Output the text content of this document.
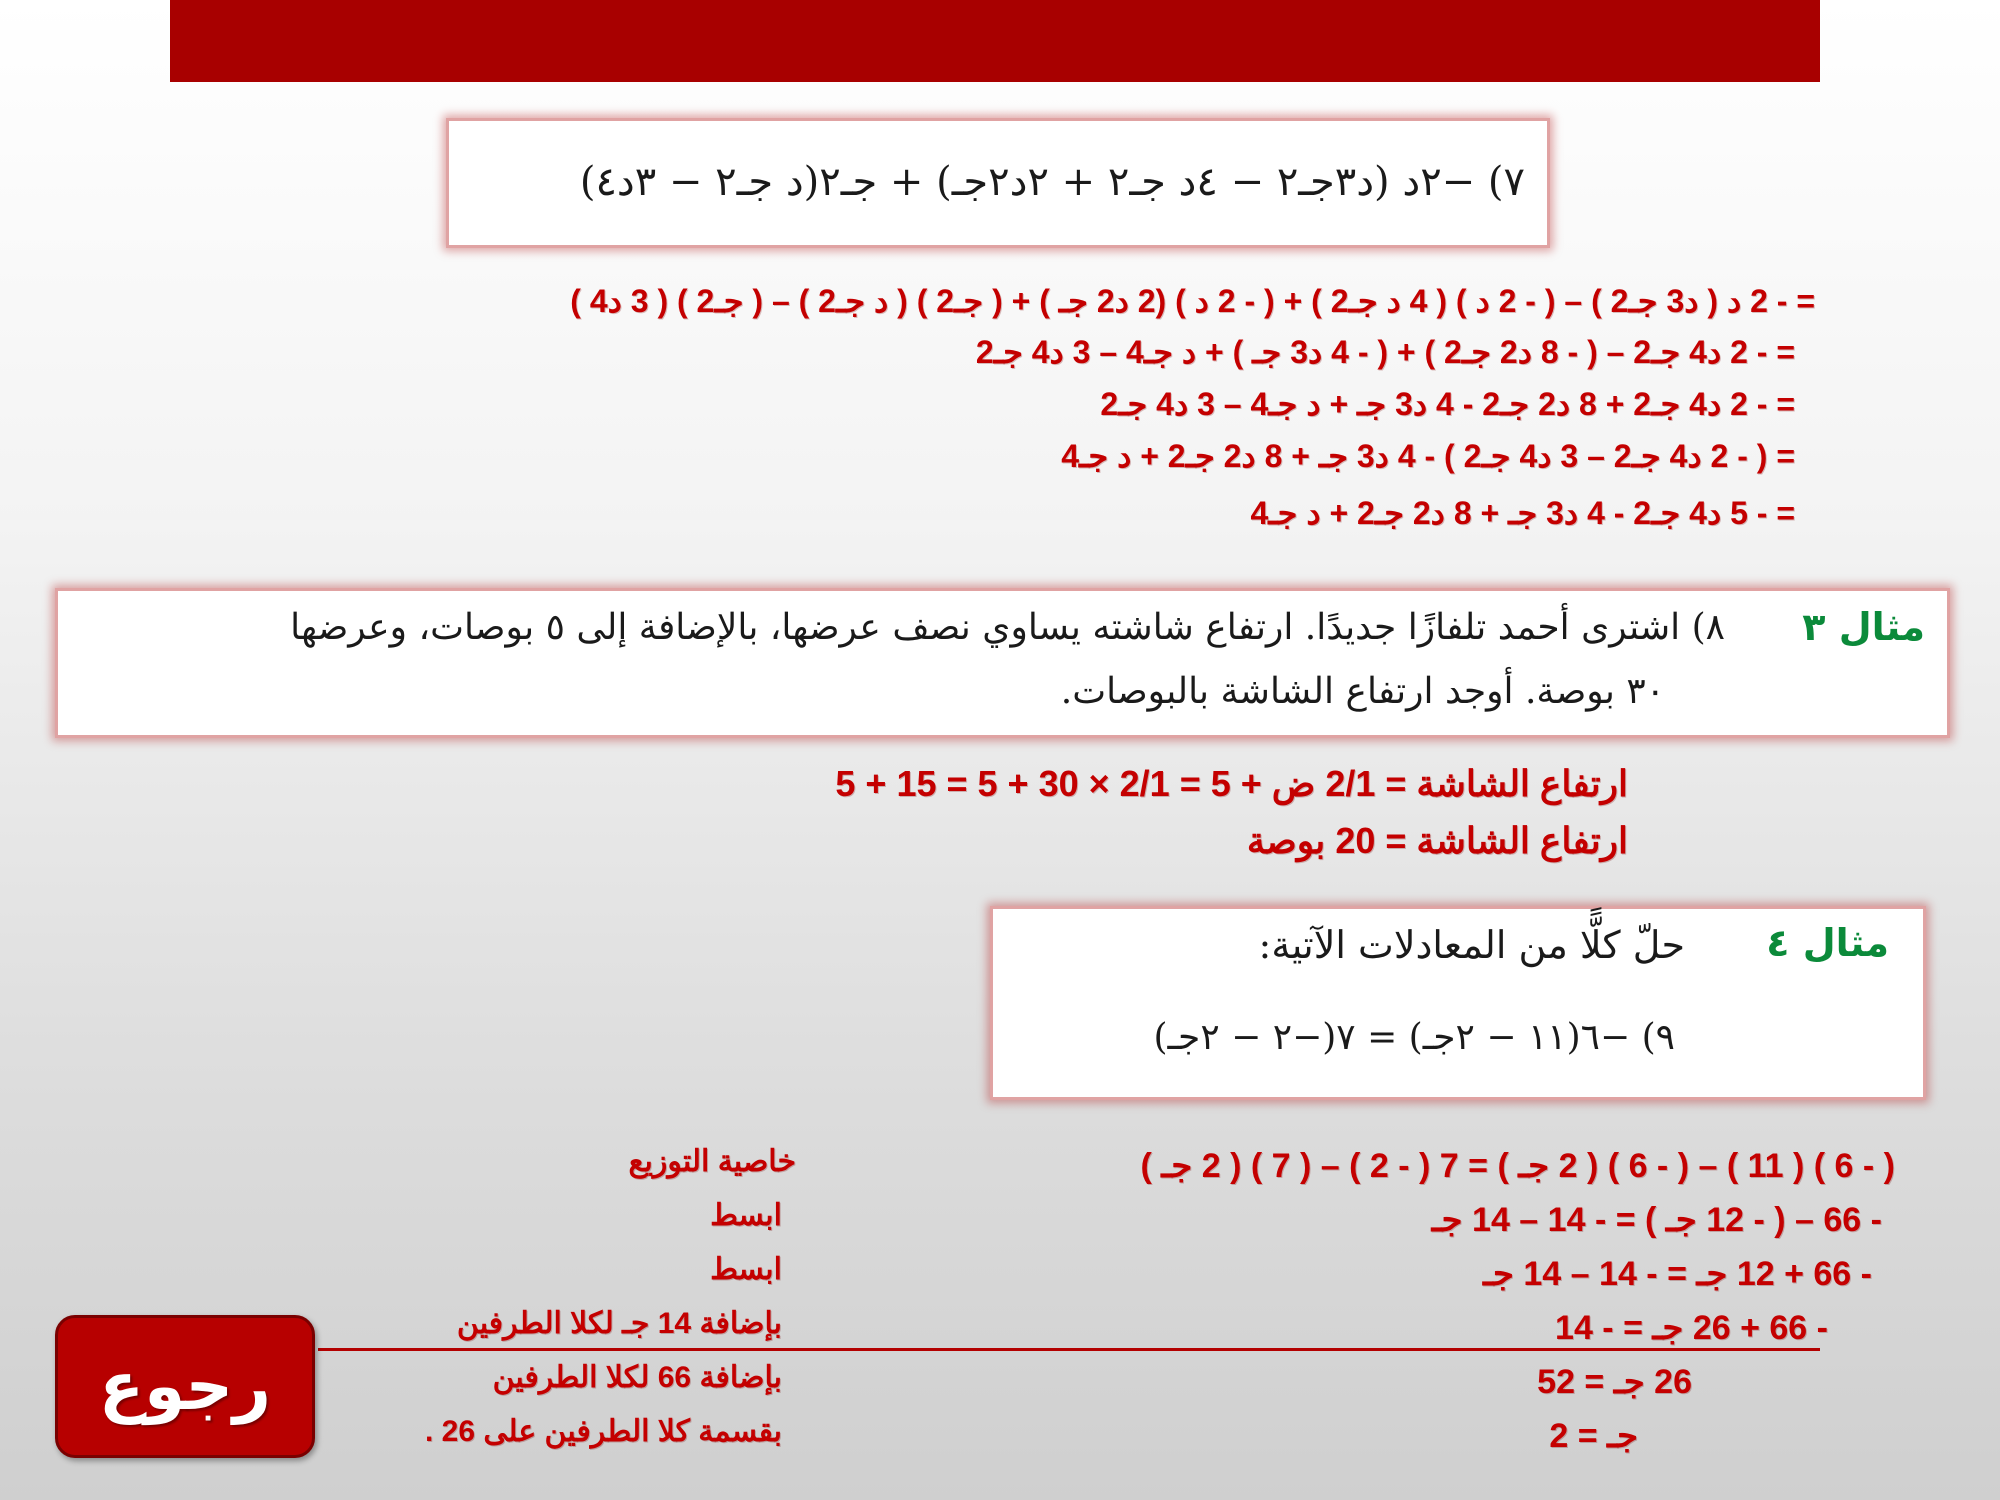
٧) −٢د (د٣جـ٢ − ٤د جـ٢ + ٢د٢جـ) + جـ٢(د جـ٢ − ٣د٤)
= - 2 د ( د3 جـ2 ) – ( - 2 د ) ( 4 د جـ2 ) + ( - 2 د ) (2 د2 جـ ) + ( جـ2 ) ( د جـ2 ) – ( جـ2 ) ( 3 د4 )
= - 2 د4 جـ2 – ( - 8 د2 جـ2 ) + ( - 4 د3 جـ ) + د جـ4 – 3 د4 جـ2
= - 2 د4 جـ2 + 8 د2 جـ2 - 4 د3 جـ + د جـ4 – 3 د4 جـ2
= ( - 2 د4 جـ2 – 3 د4 جـ2 ) - 4 د3 جـ + 8 د2 جـ2 + د جـ4
= - 5 د4 جـ2 - 4 د3 جـ + 8 د2 جـ2 + د جـ4
مثال ٣
٨) اشترى أحمد تلفازًا جديدًا. ارتفاع شاشته يساوي نصف عرضها، بالإضافة إلى ٥ بوصات، وعرضها
٣٠ بوصة. أوجد ارتفاع الشاشة بالبوصات.
ارتفاع الشاشة = 2/1 ض + 5 = 2/1 × 30 + 5 = 15 + 5
ارتفاع الشاشة = 20 بوصة
مثال ٤
حلّ كلًّا من المعادلات الآتية:
٩) −٦(١١ − ٢جـ) = ٧(−٢ − ٢جـ)
( - 6 ) ( 11 ) – ( - 6 ) ( 2 جـ ) = 7 ( - 2 ) – ( 7 ) ( 2 جـ )
- 66 – ( - 12 جـ ) = - 14 – 14 جـ
- 66 + 12 جـ = - 14 – 14 جـ
- 66 + 26 جـ = - 14
26 جـ = 52
جـ = 2
خاصية التوزيع
ابسط
ابسط
بإضافة 14 جـ لكلا الطرفين
بإضافة 66 لكلا الطرفين
بقسمة كلا الطرفين على 26 .
رجوع
